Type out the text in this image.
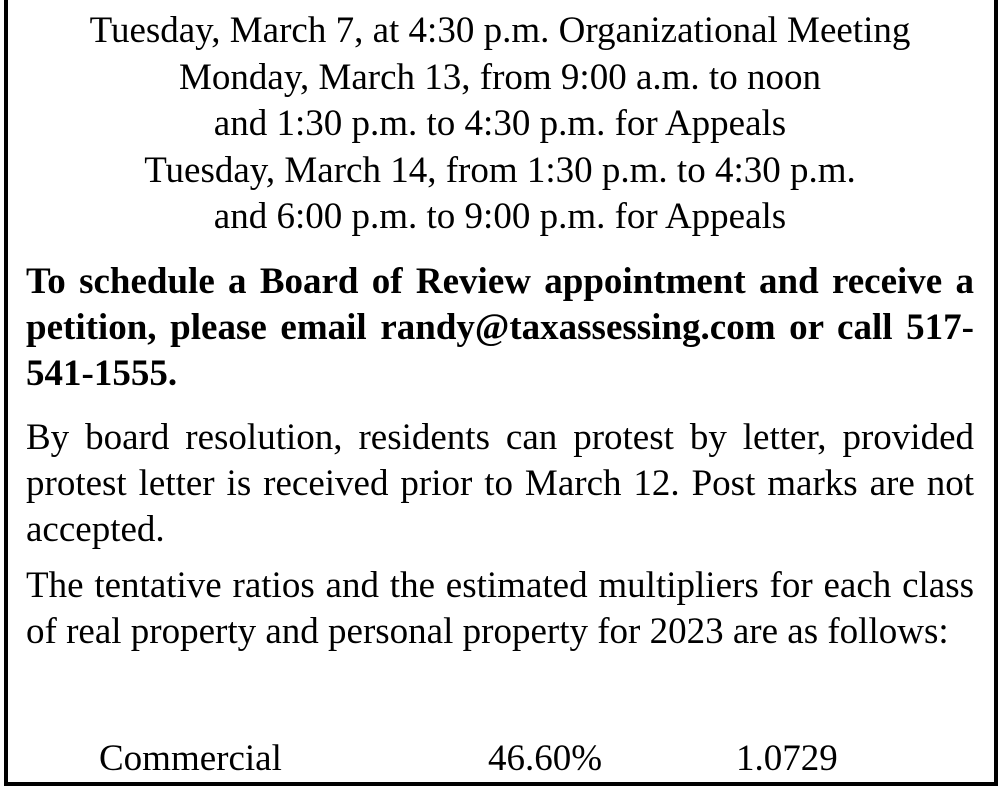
Tuesday, March 7, at 4:30 p.m. Organizational Meeting
Monday, March 13, from 9:00 a.m. to noon
and 1:30 p.m. to 4:30 p.m. for Appeals
Tuesday, March 14, from 1:30 p.m. to 4:30 p.m.
and 6:00 p.m. to 9:00 p.m. for Appeals

To schedule a Board of Review appointment and receive a petition, please email randy@taxassessing.com or call 517-541-1555.

By board resolution, residents can protest by letter, provided protest letter is received prior to March 12. Post marks are not accepted.

The tentative ratios and the estimated multipliers for each class of real property and personal property for 2023 are as follows:

Commercial	46.60%	1.0729
